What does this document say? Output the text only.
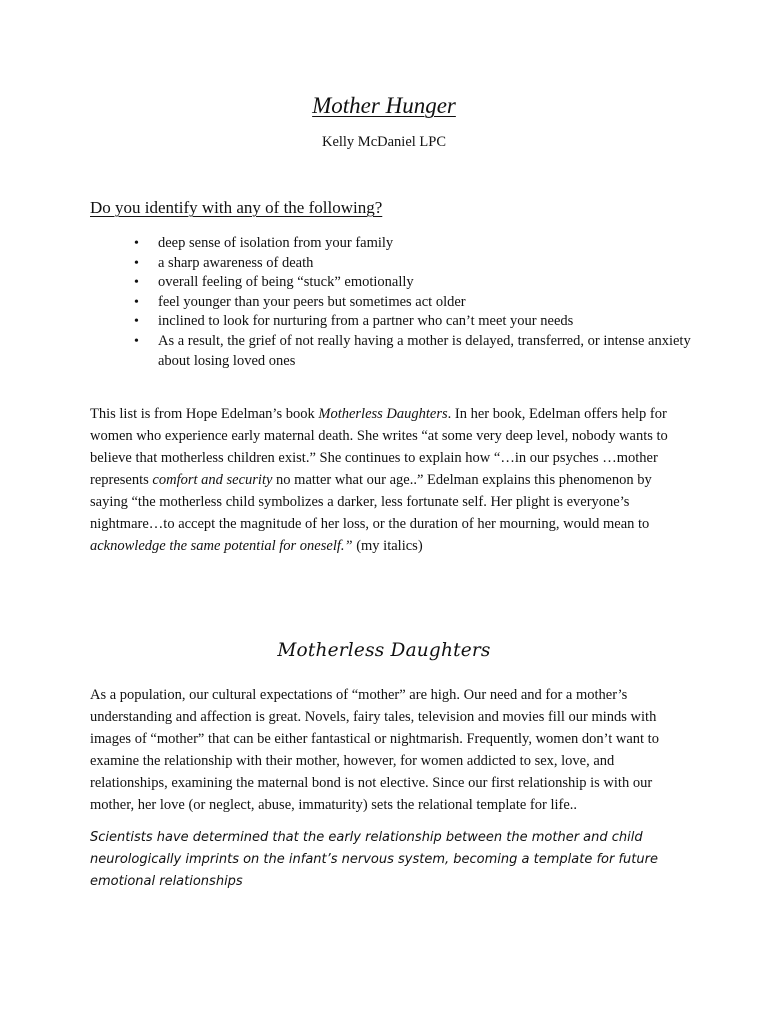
Mother Hunger

Kelly McDaniel LPC

Do you identify with any of the following?
• deep sense of isolation from your family
• a sharp awareness of death
• overall feeling of being “stuck” emotionally
• feel younger than your peers but sometimes act older
• inclined to look for nurturing from a partner who can’t meet your needs
• As a result, the grief of not really having a mother is delayed, transferred, or intense anxiety about losing loved ones

This list is from Hope Edelman’s book Motherless Daughters. In her book, Edelman offers help for women who experience early maternal death. She writes “at some very deep level, nobody wants to believe that motherless children exist.” She continues to explain how “…in our psyches …mother represents comfort and security no matter what our age..” Edelman explains this phenomenon by saying “the motherless child symbolizes a darker, less fortunate self. Her plight is everyone’s nightmare…to accept the magnitude of her loss, or the duration of her mourning, would mean to acknowledge the same potential for oneself.” (my italics)

Motherless Daughters

As a population, our cultural expectations of “mother” are high. Our need and for a mother’s understanding and affection is great. Novels, fairy tales, television and movies fill our minds with images of “mother” that can be either fantastical or nightmarish. Frequently, women don’t want to examine the relationship with their mother, however, for women addicted to sex, love, and relationships, examining the maternal bond is not elective. Since our first relationship is with our mother, her love (or neglect, abuse, immaturity) sets the relational template for life..

Scientists have determined that the early relationship between the mother and child neurologically imprints on the infant’s nervous system, becoming a template for future emotional relationships
